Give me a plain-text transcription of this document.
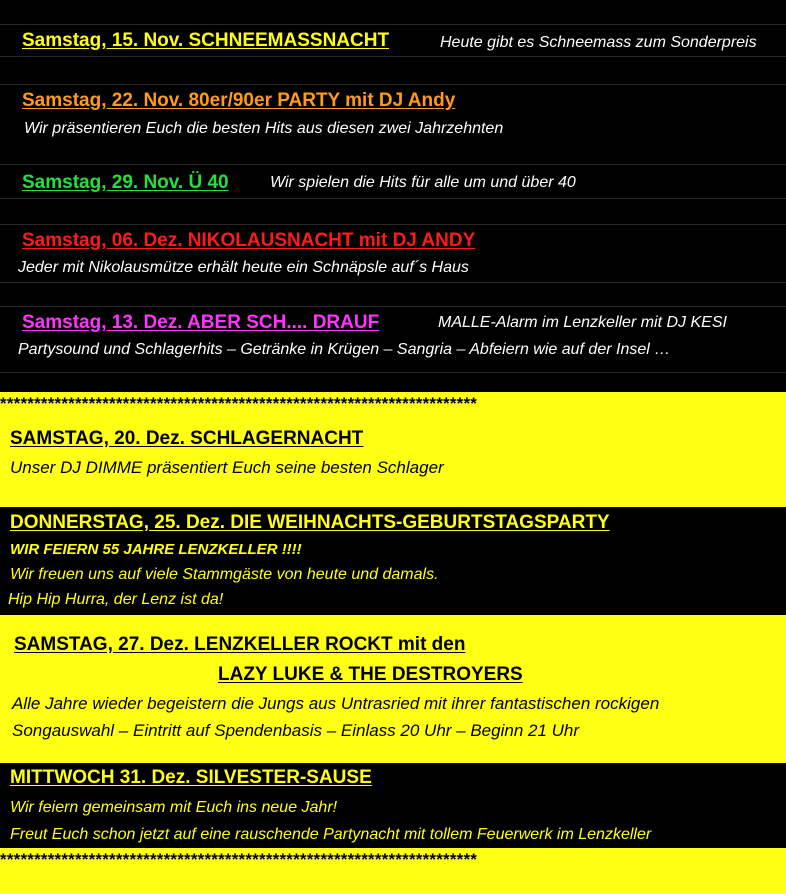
Samstag, 15. Nov. SCHNEEMASSNACHT	Heute gibt es Schneemass zum Sonderpreis
Samstag, 22. Nov. 80er/90er PARTY mit DJ Andy
Wir präsentieren Euch die besten Hits aus diesen zwei Jahrzehnten
Samstag, 29. Nov. Ü 40	Wir spielen die Hits für alle um und über 40
Samstag, 06. Dez. NIKOLAUSNACHT mit DJ ANDY
Jeder mit Nikolausmütze erhält heute ein Schnäpsle auf´s Haus
Samstag, 13. Dez. ABER SCH.... DRAUF	MALLE-Alarm im Lenzkeller mit DJ KESI
Partysound und Schlagerhits – Getränke in Krügen – Sangria – Abfeiern wie auf der Insel …
**********************************************************************
SAMSTAG, 20. Dez. SCHLAGERNACHT
Unser DJ DIMME präsentiert Euch seine besten Schlager
DONNERSTAG, 25. Dez. DIE WEIHNACHTS-GEBURTSTAGSPARTY
WIR FEIERN 55 JAHRE LENZKELLER !!!!
Wir freuen uns auf viele Stammgäste von heute und damals.
Hip Hip Hurra, der Lenz ist da!
SAMSTAG, 27. Dez. LENZKELLER ROCKT mit den
LAZY LUKE & THE DESTROYERS
Alle Jahre wieder begeistern die Jungs aus Untrasried mit ihrer fantastischen rockigen
Songauswahl – Eintritt auf Spendenbasis – Einlass 20 Uhr – Beginn 21 Uhr
MITTWOCH 31. Dez. SILVESTER-SAUSE
Wir feiern gemeinsam mit Euch ins neue Jahr!
Freut Euch schon jetzt auf eine rauschende Partynacht mit tollem Feuerwerk im Lenzkeller
**********************************************************************
